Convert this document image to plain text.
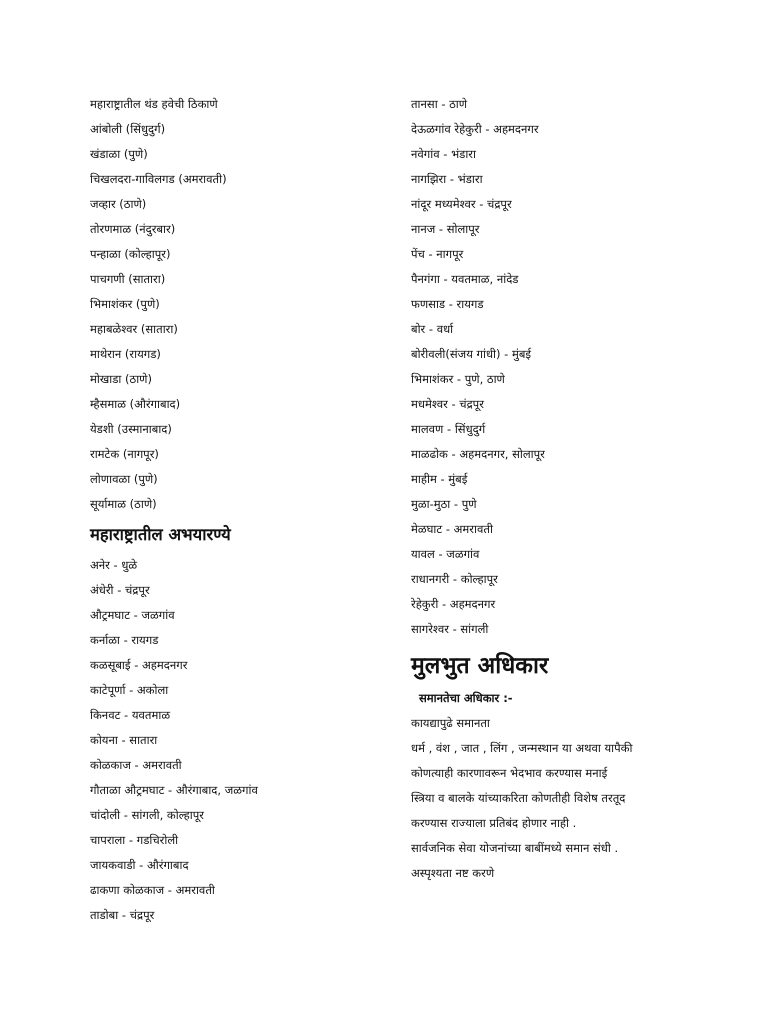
महाराष्ट्रातील थंड हवेची ठिकाणे
आंबोली (सिंधुदुर्ग)
खंडाळा (पुणे)
चिखलदरा-गाविलगड (अमरावती)
जव्हार (ठाणे)
तोरणमाळ (नंदुरबार)
पन्हाळा (कोल्हापूर)
पाचगणी (सातारा)
भिमाशंकर (पुणे)
महाबळेश्वर (सातारा)
माथेरान (रायगड)
मोखाडा (ठाणे)
म्हैसमाळ (औरंगाबाद)
येडशी (उस्मानाबाद)
रामटेक (नागपूर)
लोणावळा (पुणे)
सूर्यामाळ (ठाणे)
महाराष्ट्रातील अभयारण्ये
अनेर - धुळे
अंधेरी - चंद्रपूर
औट्रमघाट - जळगांव
कर्नाळा - रायगड
कळसूबाई - अहमदनगर
काटेपूर्णा - अकोला
किनवट - यवतमाळ
कोयना - सातारा
कोळकाज - अमरावती
गौताळा औट्रमघाट - औरंगाबाद, जळगांव
चांदोली - सांगली, कोल्हापूर
चापराला - गडचिरोली
जायकवाडी - औरंगाबाद
ढाकणा कोळकाज - अमरावती
ताडोबा - चंद्रपूर
तानसा - ठाणे
देऊळगांव रेहेकुरी - अहमदनगर
नवेगांव - भंडारा
नागझिरा - भंडारा
नांदूर मध्यमेश्वर - चंद्रपूर
नानज - सोलापूर
पेंच - नागपूर
पैनगंगा - यवतमाळ, नांदेड
फणसाड - रायगड
बोर - वर्धा
बोरीवली(संजय गांधी) - मुंबई
भिमाशंकर - पुणे, ठाणे
मधमेश्वर - चंद्रपूर
मालवण - सिंधुदुर्ग
माळढोक - अहमदनगर, सोलापूर
माहीम - मुंबई
मुळा-मुठा - पुणे
मेळघाट - अमरावती
यावल - जळगांव
राधानगरी - कोल्हापूर
रेहेकुरी - अहमदनगर
सागरेश्वर - सांगली
मुलभुत अधिकार
समानतेचा अधिकार :-
कायद्यापुढे समानता
धर्म , वंश , जात , लिंग , जन्मस्थान या अथवा यापैकी
कोणत्याही कारणावरून भेदभाव करण्यास मनाई
स्त्रिया व बालके यांच्याकरिता कोणतीही विशेष तरतूद
करण्यास राज्याला प्रतिबंद होणार नाही .
सार्वजनिक सेवा योजनांच्या बाबींमध्ये समान संधी .
अस्पृश्यता नष्ट करणे
